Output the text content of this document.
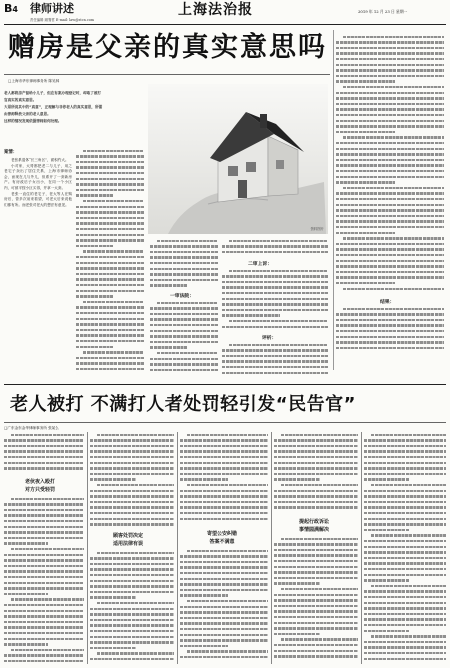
B4	律师讲述
责任编辑 顾骞哲 E-mail: law@stcn.com
上海法治报	2019 年 12 月 23 日 星期一
赠房是父亲的真实意思吗
□上海市华东律师事务所 陈吴林
老人都将房产留给小儿子，但在有案办理登记时，却取了被打
官真实的真实意思。
大哥所说其中的“真意”，正理解与非你老人的真实意思，所需
由律师释放父亲的老人意思。
这样的情况发现依据律师如何处理。
资料图片

案情：

老张系退休“长三角区”，面积约大。

小对家，大哥都把老二与儿子，用之老宅子卖出了居住关系，上海市律师协会，而现在儿与外儿，但系开了一套新房产。有房改后子女出小，在同一个小区内，可被平按小区买得，并拿一大套。

老张一直住的老宅子，老大等人在购房后，曾多次前来看望，可老大后来说他们都有所。而老张对老大的想法有意见。

一审法院：
二审上诉：
评析：
结果：
老人被打 不满打人者处罚轻引发“民告官”
□广东金东金华律师事务所 张某么
老伙夜入殴打
对方只受轻罚
顾客处罚决定
适用法律有误
寄望公安纠错
答案不满意
提起行政诉讼
事情圆满解决
